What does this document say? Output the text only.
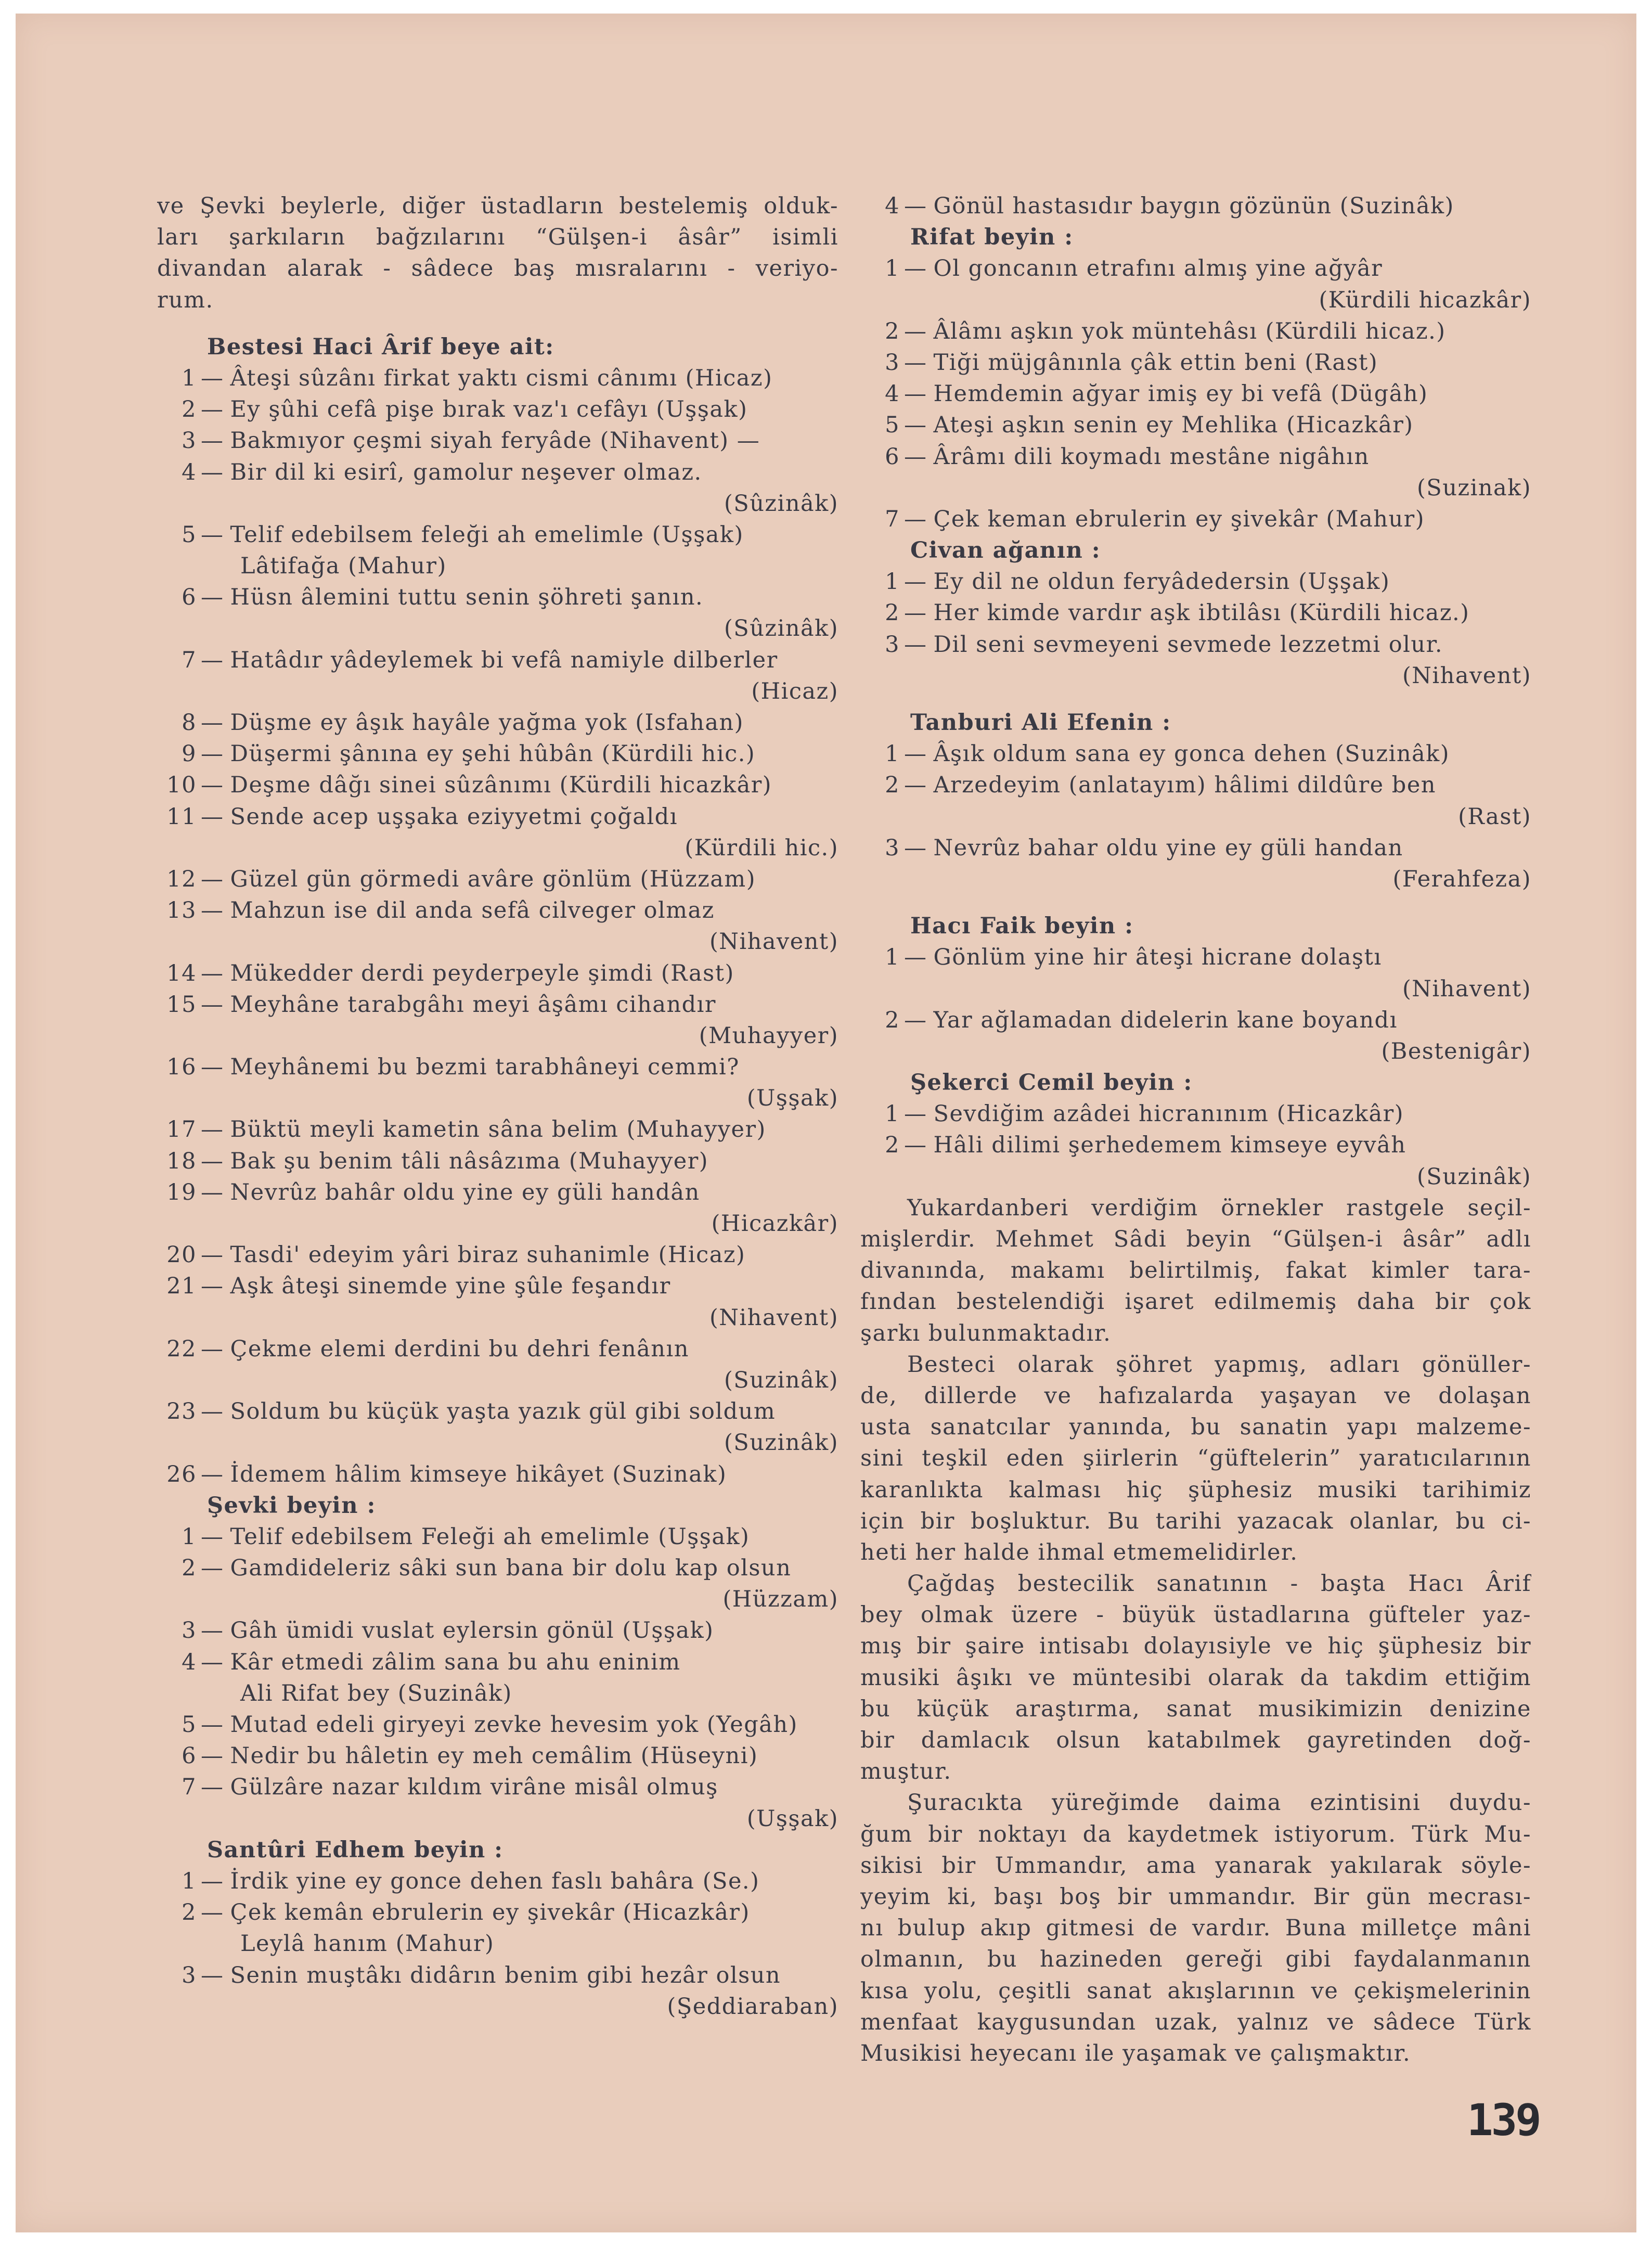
ve Şevki beylerle, diğer üstadların bestelemiş olduk-
ları şarkıların bağzılarını “Gülşen-i âsâr” isimli
divandan alarak - sâdece baş mısralarını - veriyo-
rum.
Bestesi Haci Ârif beye ait:
1 — Âteşi sûzânı firkat yaktı cismi cânımı (Hicaz)
2 — Ey şûhi cefâ pişe bırak vaz'ı cefâyı (Uşşak)
3 — Bakmıyor çeşmi siyah feryâde (Nihavent) —
4 — Bir dil ki esirî, gamolur neşever olmaz.
(Sûzinâk)
5 — Telif edebilsem feleği ah emelimle (Uşşak)
Lâtifağa (Mahur)
6 — Hüsn âlemini tuttu senin şöhreti şanın.
(Sûzinâk)
7 — Hatâdır yâdeylemek bi vefâ namiyle dilberler
(Hicaz)
8 — Düşme ey âşık hayâle yağma yok (Isfahan)
9 — Düşermi şânına ey şehi hûbân (Kürdili hic.)
10 — Deşme dâğı sinei sûzânımı (Kürdili hicazkâr)
11 — Sende acep uşşaka eziyyetmi çoğaldı
(Kürdili hic.)
12 — Güzel gün görmedi avâre gönlüm (Hüzzam)
13 — Mahzun ise dil anda sefâ cilveger olmaz
(Nihavent)
14 — Mükedder derdi peyderpeyle şimdi (Rast)
15 — Meyhâne tarabgâhı meyi âşâmı cihandır
(Muhayyer)
16 — Meyhânemi bu bezmi tarabhâneyi cemmi?
(Uşşak)
17 — Büktü meyli kametin sâna belim (Muhayyer)
18 — Bak şu benim tâli nâsâzıma (Muhayyer)
19 — Nevrûz bahâr oldu yine ey güli handân
(Hicazkâr)
20 — Tasdi' edeyim yâri biraz suhanimle (Hicaz)
21 — Aşk âteşi sinemde yine şûle feşandır
(Nihavent)
22 — Çekme elemi derdini bu dehri fenânın
(Suzinâk)
23 — Soldum bu küçük yaşta yazık gül gibi soldum
(Suzinâk)
26 — İdemem hâlim kimseye hikâyet (Suzinak)
Şevki beyin :
1 — Telif edebilsem Feleği ah emelimle (Uşşak)
2 — Gamdideleriz sâki sun bana bir dolu kap olsun
(Hüzzam)
3 — Gâh ümidi vuslat eylersin gönül (Uşşak)
4 — Kâr etmedi zâlim sana bu ahu eninim
Ali Rifat bey (Suzinâk)
5 — Mutad edeli giryeyi zevke hevesim yok (Yegâh)
6 — Nedir bu hâletin ey meh cemâlim (Hüseyni)
7 — Gülzâre nazar kıldım virâne misâl olmuş
(Uşşak)
Santûri Edhem beyin :
1 — İrdik yine ey gonce dehen faslı bahâra (Se.)
2 — Çek kemân ebrulerin ey şivekâr (Hicazkâr)
Leylâ hanım (Mahur)
3 — Senin muştâkı didârın benim gibi hezâr olsun
(Şeddiaraban)
4 — Gönül hastasıdır baygın gözünün (Suzinâk)
Rifat beyin :
1 — Ol goncanın etrafını almış yine ağyâr
(Kürdili hicazkâr)
2 — Âlâmı aşkın yok müntehâsı (Kürdili hicaz.)
3 — Tiği müjgânınla çâk ettin beni (Rast)
4 — Hemdemin ağyar imiş ey bi vefâ (Dügâh)
5 — Ateşi aşkın senin ey Mehlika (Hicazkâr)
6 — Ârâmı dili koymadı mestâne nigâhın
(Suzinak)
7 — Çek keman ebrulerin ey şivekâr (Mahur)
Civan ağanın :
1 — Ey dil ne oldun feryâdedersin (Uşşak)
2 — Her kimde vardır aşk ibtilâsı (Kürdili hicaz.)
3 — Dil seni sevmeyeni sevmede lezzetmi olur.
(Nihavent)
Tanburi Ali Efenin :
1 — Âşık oldum sana ey gonca dehen (Suzinâk)
2 — Arzedeyim (anlatayım) hâlimi dildûre ben
(Rast)
3 — Nevrûz bahar oldu yine ey güli handan
(Ferahfeza)
Hacı Faik beyin :
1 — Gönlüm yine hir âteşi hicrane dolaştı
(Nihavent)
2 — Yar ağlamadan didelerin kane boyandı
(Bestenigâr)
Şekerci Cemil beyin :
1 — Sevdiğim azâdei hicranınım (Hicazkâr)
2 — Hâli dilimi şerhedemem kimseye eyvâh
(Suzinâk)
Yukardanberi verdiğim örnekler rastgele seçil-
mişlerdir. Mehmet Sâdi beyin “Gülşen-i âsâr” adlı
divanında, makamı belirtilmiş, fakat kimler tara-
fından bestelendiği işaret edilmemiş daha bir çok
şarkı bulunmaktadır.
Besteci olarak şöhret yapmış, adları gönüller-
de, dillerde ve hafızalarda yaşayan ve dolaşan
usta sanatcılar yanında, bu sanatin yapı malzeme-
sini teşkil eden şiirlerin “güftelerin” yaratıcılarının
karanlıkta kalması hiç şüphesiz musiki tarihimiz
için bir boşluktur. Bu tarihi yazacak olanlar, bu ci-
heti her halde ihmal etmemelidirler.
Çağdaş bestecilik sanatının - başta Hacı Ârif
bey olmak üzere - büyük üstadlarına güfteler yaz-
mış bir şaire intisabı dolayısiyle ve hiç şüphesiz bir
musiki âşıkı ve müntesibi olarak da takdim ettiğim
bu küçük araştırma, sanat musikimizin denizine
bir damlacık olsun katabılmek gayretinden doğ-
muştur.
Şuracıkta yüreğimde daima ezintisini duydu-
ğum bir noktayı da kaydetmek istiyorum. Türk Mu-
sikisi bir Ummandır, ama yanarak yakılarak söyle-
yeyim ki, başı boş bir ummandır. Bir gün mecrası-
nı bulup akıp gitmesi de vardır. Buna milletçe mâni
olmanın, bu hazineden gereği gibi faydalanmanın
kısa yolu, çeşitli sanat akışlarının ve çekişmelerinin
menfaat kaygusundan uzak, yalnız ve sâdece Türk
Musikisi heyecanı ile yaşamak ve çalışmaktır.
139
